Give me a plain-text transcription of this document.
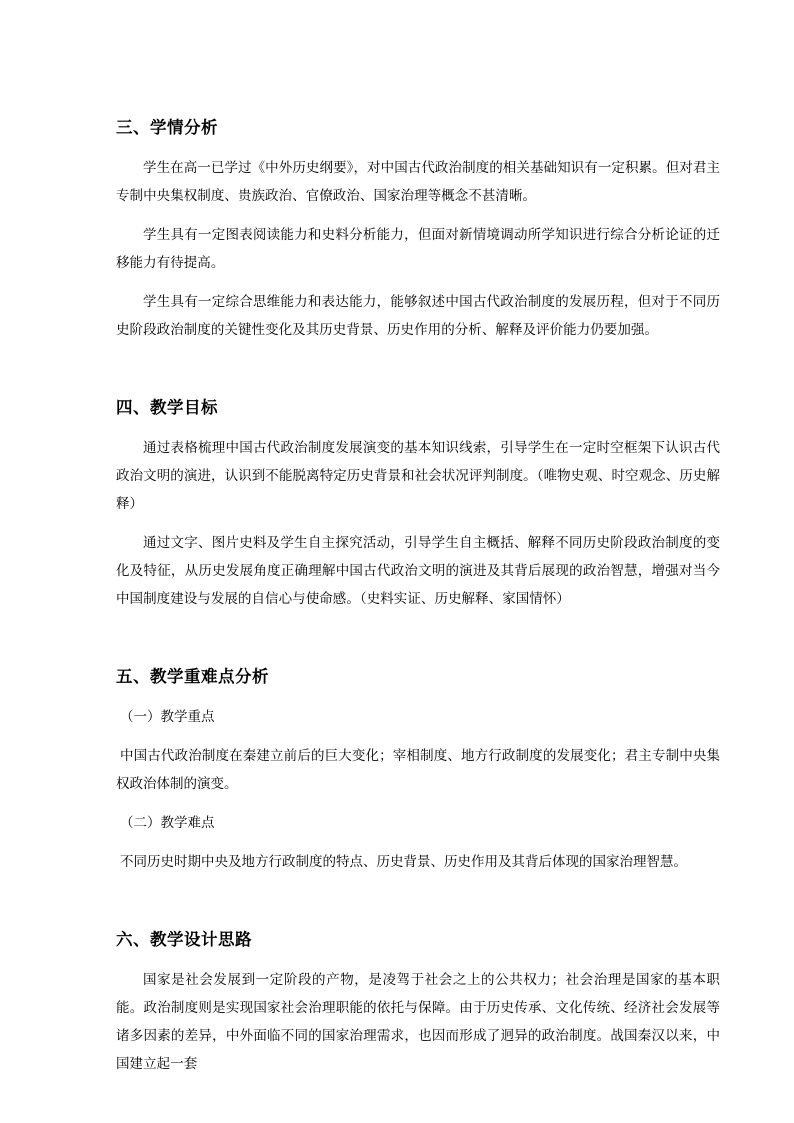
三、学情分析

学生在高一已学过《中外历史纲要》，对中国古代政治制度的相关基础知识有一定积累。但对君主专制中央集权制度、贵族政治、官僚政治、国家治理等概念不甚清晰。

学生具有一定图表阅读能力和史料分析能力，但面对新情境调动所学知识进行综合分析论证的迁移能力有待提高。

学生具有一定综合思维能力和表达能力，能够叙述中国古代政治制度的发展历程，但对于不同历史阶段政治制度的关键性变化及其历史背景、历史作用的分析、解释及评价能力仍要加强。

四、教学目标

通过表格梳理中国古代政治制度发展演变的基本知识线索，引导学生在一定时空框架下认识古代政治文明的演进，认识到不能脱离特定历史背景和社会状况评判制度。（唯物史观、时空观念、历史解释）

通过文字、图片史料及学生自主探究活动，引导学生自主概括、解释不同历史阶段政治制度的变化及特征，从历史发展角度正确理解中国古代政治文明的演进及其背后展现的政治智慧，增强对当今中国制度建设与发展的自信心与使命感。（史料实证、历史解释、家国情怀）

五、教学重难点分析

（一）教学重点

中国古代政治制度在秦建立前后的巨大变化；宰相制度、地方行政制度的发展变化；君主专制中央集权政治体制的演变。

（二）教学难点

不同历史时期中央及地方行政制度的特点、历史背景、历史作用及其背后体现的国家治理智慧。

六、教学设计思路

国家是社会发展到一定阶段的产物，是凌驾于社会之上的公共权力；社会治理是国家的基本职能。政治制度则是实现国家社会治理职能的依托与保障。由于历史传承、文化传统、经济社会发展等诸多因素的差异，中外面临不同的国家治理需求，也因而形成了迥异的政治制度。战国秦汉以来，中国建立起一套
